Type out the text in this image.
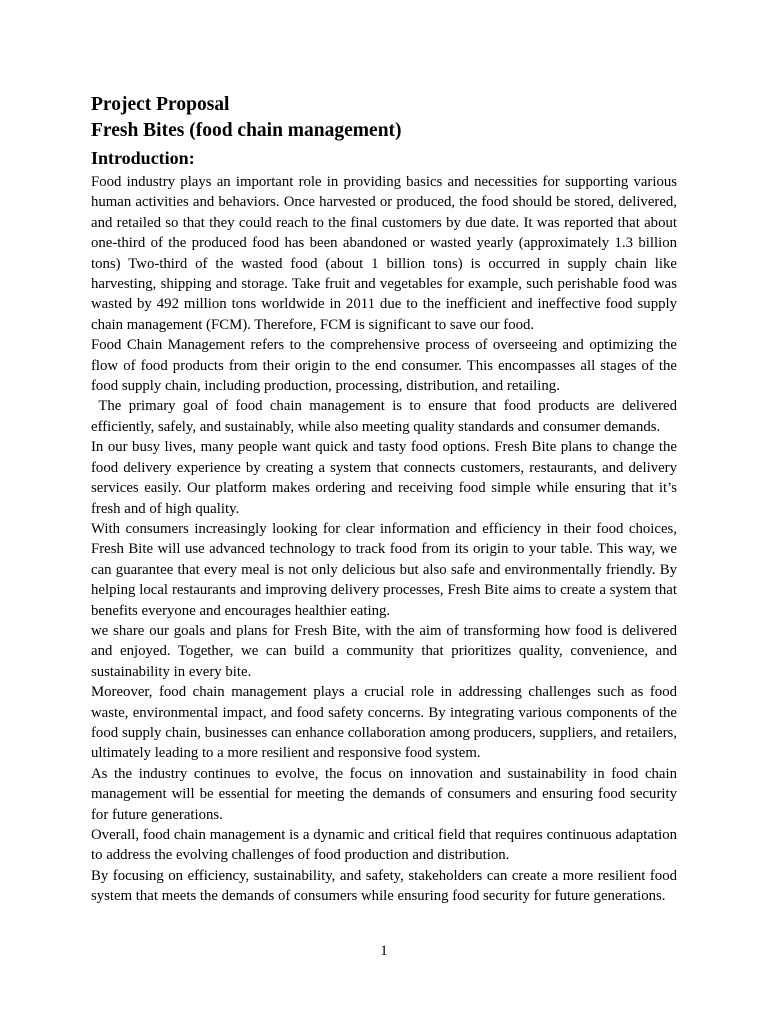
Project Proposal
Fresh Bites (food chain management)
Introduction:

Food industry plays an important role in providing basics and necessities for supporting various human activities and behaviors. Once harvested or produced, the food should be stored, delivered, and retailed so that they could reach to the final customers by due date. It was reported that about one-third of the produced food has been abandoned or wasted yearly (approximately 1.3 billion tons) Two-third of the wasted food (about 1 billion tons) is occurred in supply chain like harvesting, shipping and storage. Take fruit and vegetables for example, such perishable food was wasted by 492 million tons worldwide in 2011 due to the inefficient and ineffective food supply chain management (FCM). Therefore, FCM is significant to save our food.

Food Chain Management refers to the comprehensive process of overseeing and optimizing the flow of food products from their origin to the end consumer. This encompasses all stages of the food supply chain, including production, processing, distribution, and retailing.

The primary goal of food chain management is to ensure that food products are delivered efficiently, safely, and sustainably, while also meeting quality standards and consumer demands.

In our busy lives, many people want quick and tasty food options. Fresh Bite plans to change the food delivery experience by creating a system that connects customers, restaurants, and delivery services easily. Our platform makes ordering and receiving food simple while ensuring that it’s fresh and of high quality.

With consumers increasingly looking for clear information and efficiency in their food choices, Fresh Bite will use advanced technology to track food from its origin to your table. This way, we can guarantee that every meal is not only delicious but also safe and environmentally friendly. By helping local restaurants and improving delivery processes, Fresh Bite aims to create a system that benefits everyone and encourages healthier eating.

we share our goals and plans for Fresh Bite, with the aim of transforming how food is delivered and enjoyed. Together, we can build a community that prioritizes quality, convenience, and sustainability in every bite.

Moreover, food chain management plays a crucial role in addressing challenges such as food waste, environmental impact, and food safety concerns. By integrating various components of the food supply chain, businesses can enhance collaboration among producers, suppliers, and retailers, ultimately leading to a more resilient and responsive food system.

As the industry continues to evolve, the focus on innovation and sustainability in food chain management will be essential for meeting the demands of consumers and ensuring food security for future generations.

Overall, food chain management is a dynamic and critical field that requires continuous adaptation to address the evolving challenges of food production and distribution.

By focusing on efficiency, sustainability, and safety, stakeholders can create a more resilient food system that meets the demands of consumers while ensuring food security for future generations.

1
